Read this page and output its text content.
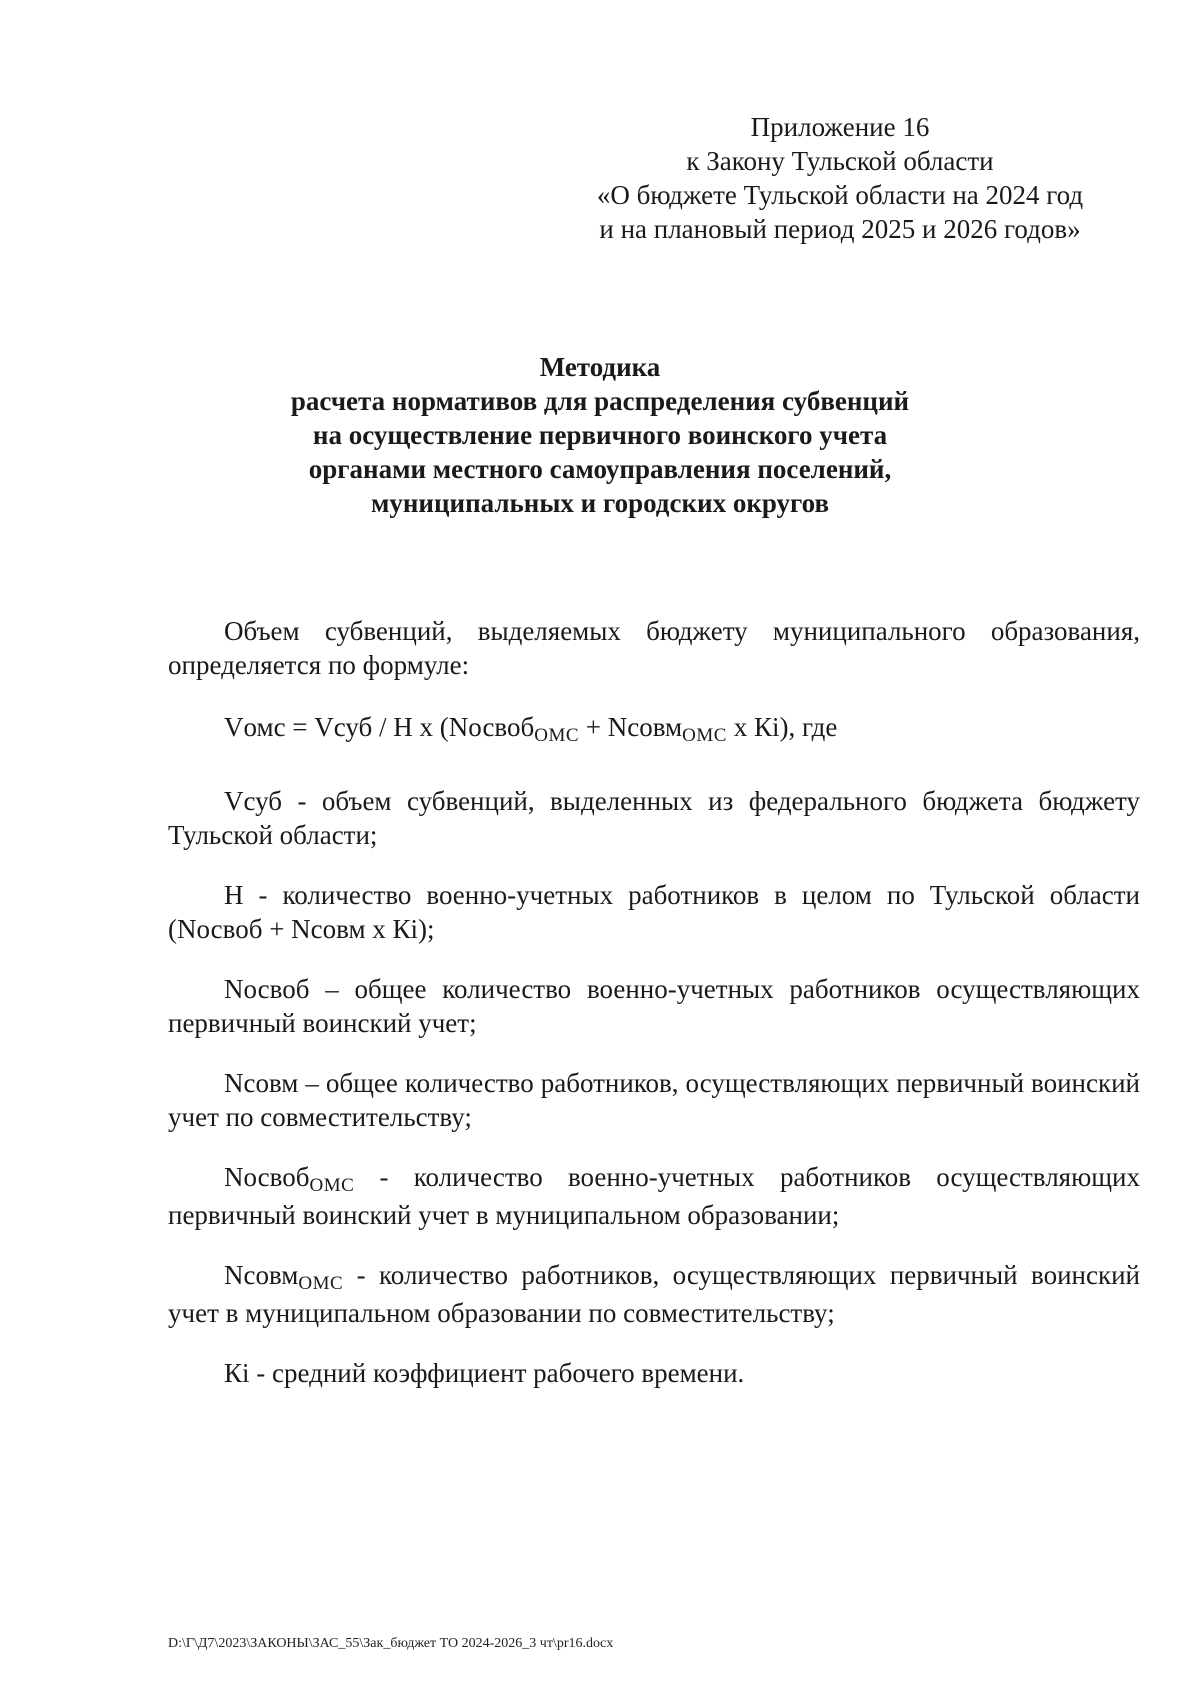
Приложение 16
к Закону Тульской области
«О бюджете Тульской области на 2024 год
и на плановый период 2025 и 2026 годов»
Методика
расчета нормативов для распределения субвенций
на осуществление первичного воинского учета
органами местного самоуправления поселений,
муниципальных и городских округов

Объем субвенций, выделяемых бюджету муниципального образования, определяется по формуле:

Vомс = Vсуб / Н х (NосвобОМС + NсовмОМС х Кi), где

Vсуб - объем субвенций, выделенных из федерального бюджета бюджету Тульской области;

Н - количество военно-учетных работников в целом по Тульской области (Nосвоб + Nсовм х Кi);

Nосвоб – общее количество военно-учетных работников осуществляющих первичный воинский учет;

Nсовм – общее количество работников, осуществляющих первичный воинский учет по совместительству;

NосвобОМС - количество военно-учетных работников осуществляющих первичный воинский учет в муниципальном образовании;

NсовмОМС - количество работников, осуществляющих первичный воинский учет в муниципальном образовании по совместительству;

Кi - средний коэффициент рабочего времени.

D:\Г\Д7\2023\ЗАКОНЫ\ЗАС_55\Зак_бюджет ТО 2024-2026_3 чт\pr16.docx
